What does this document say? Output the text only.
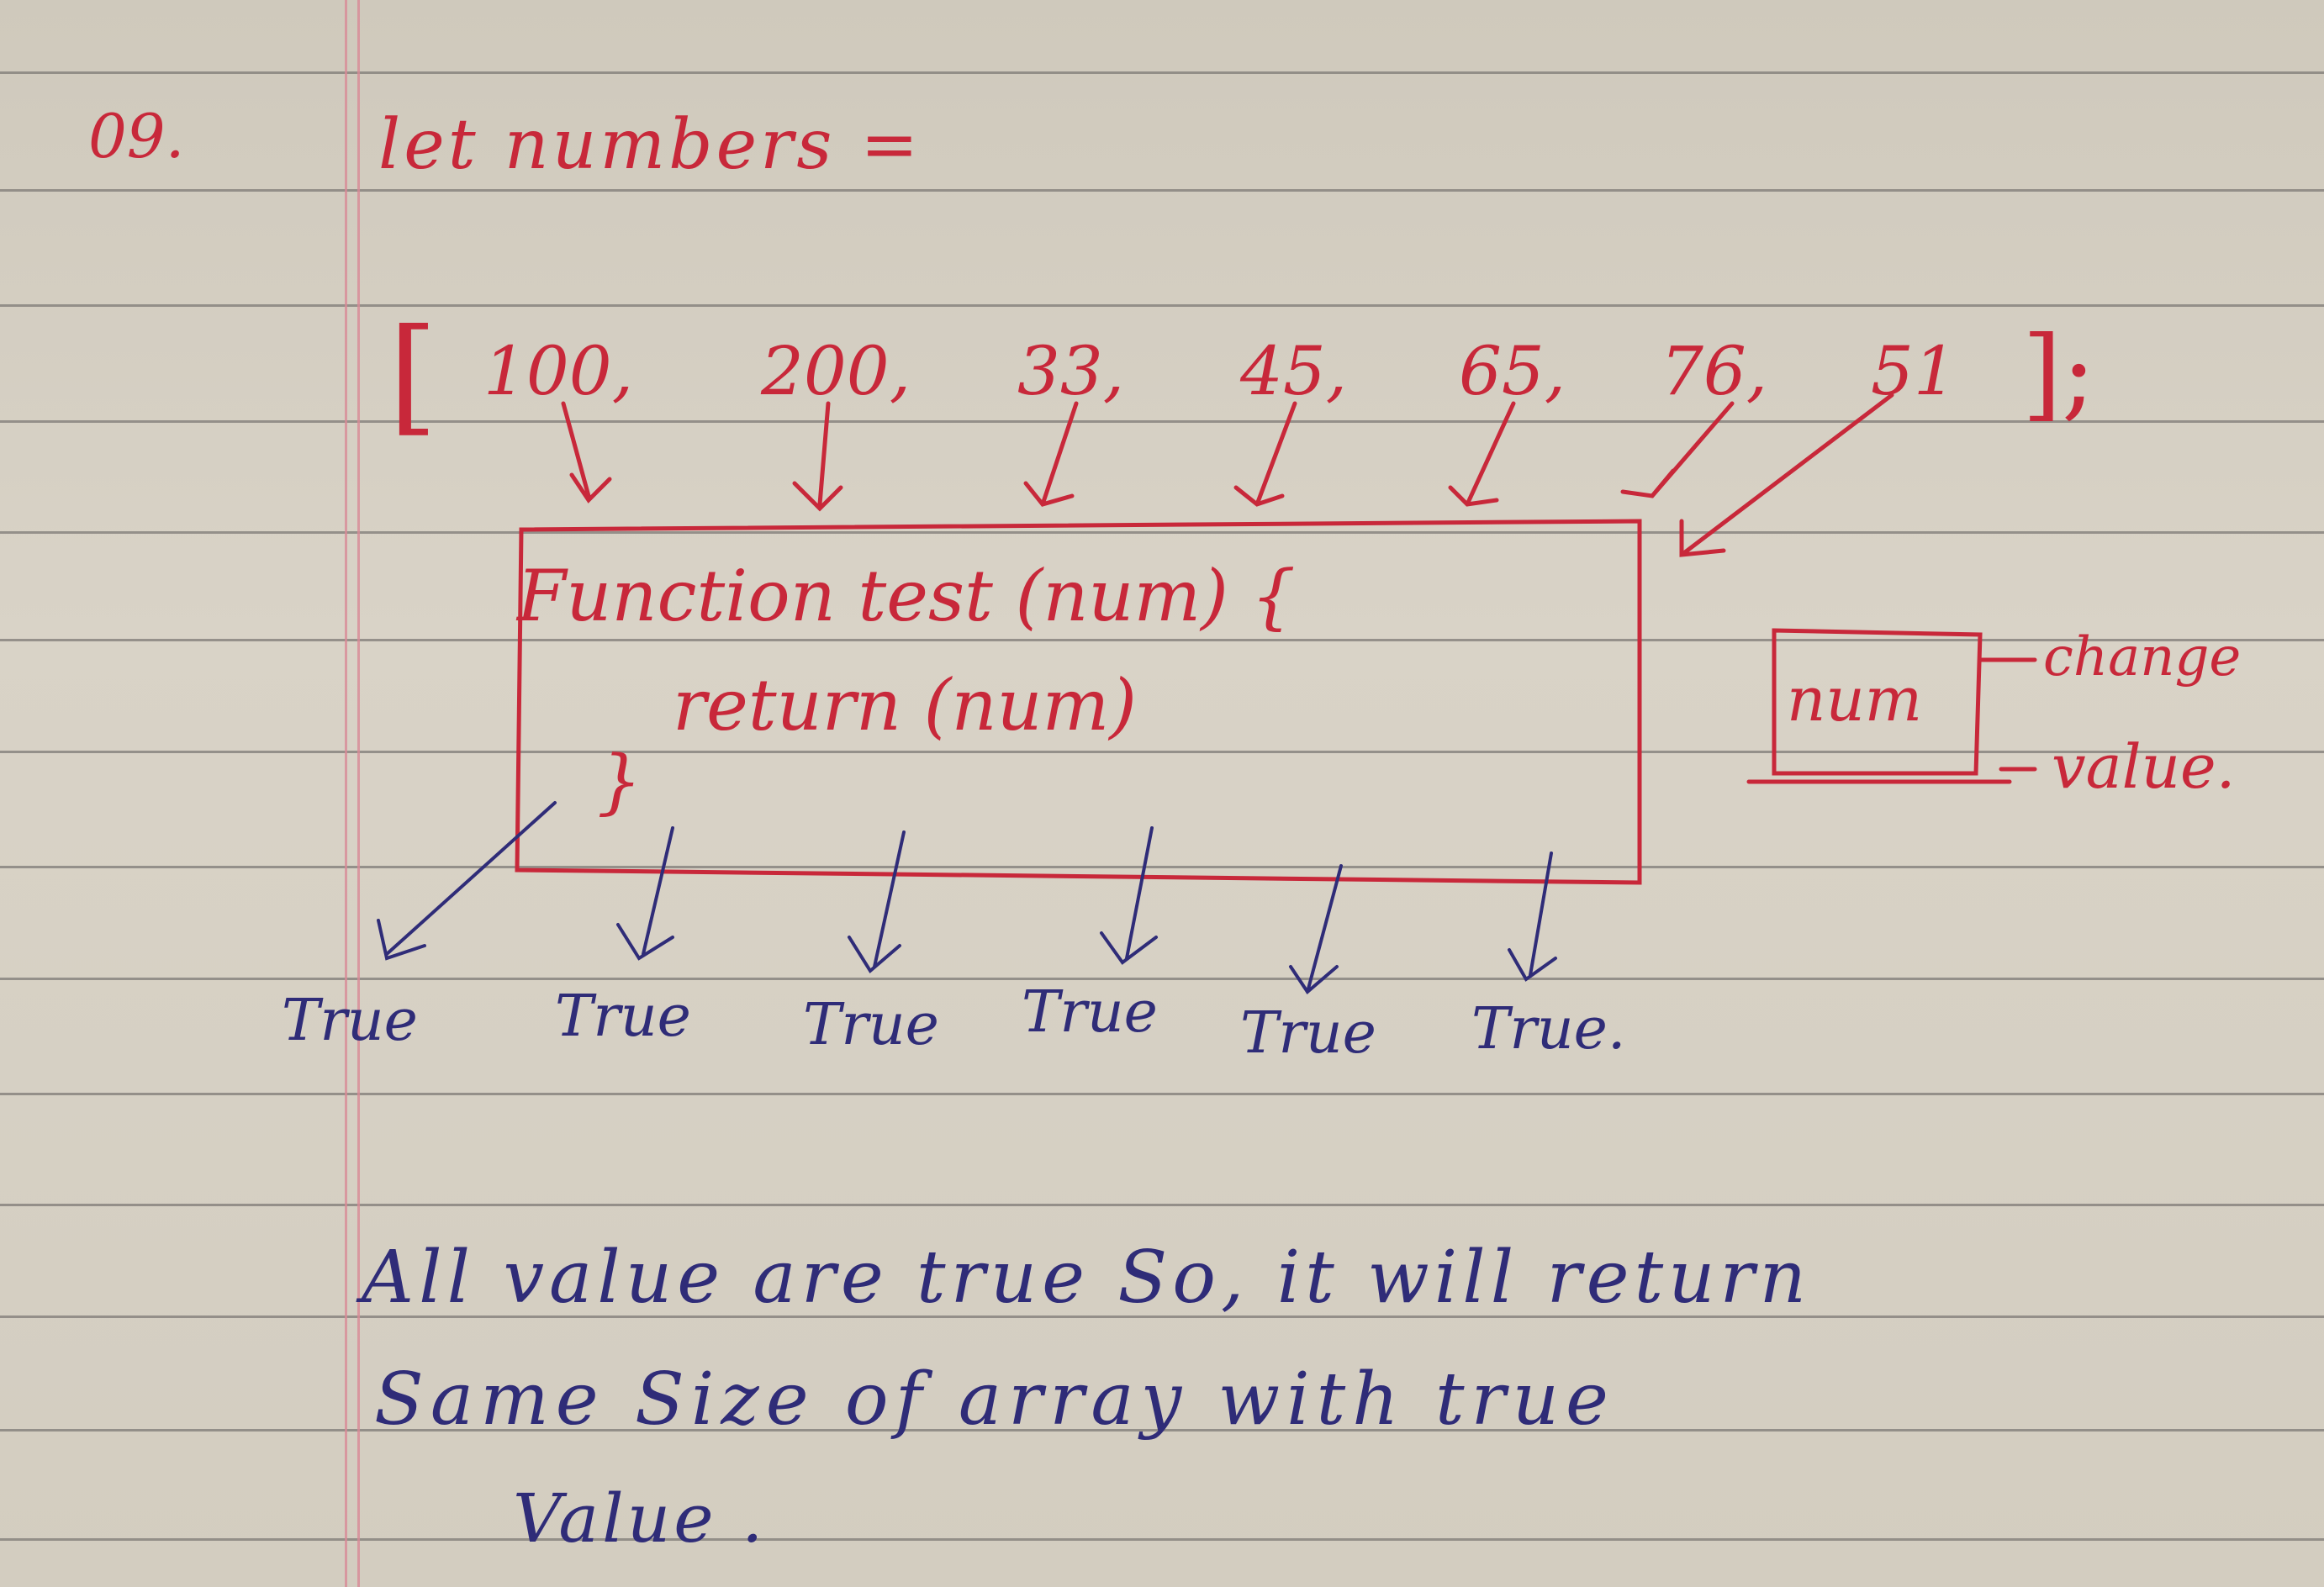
09.	let numbers =
[ 100, 200, 33, 45, 65, 76, 51 ];
Function test (num) {
return (num)
}
num
change
value.
True True True True True True.
All value are true So, it will return
Same Size of array with true
Value .
